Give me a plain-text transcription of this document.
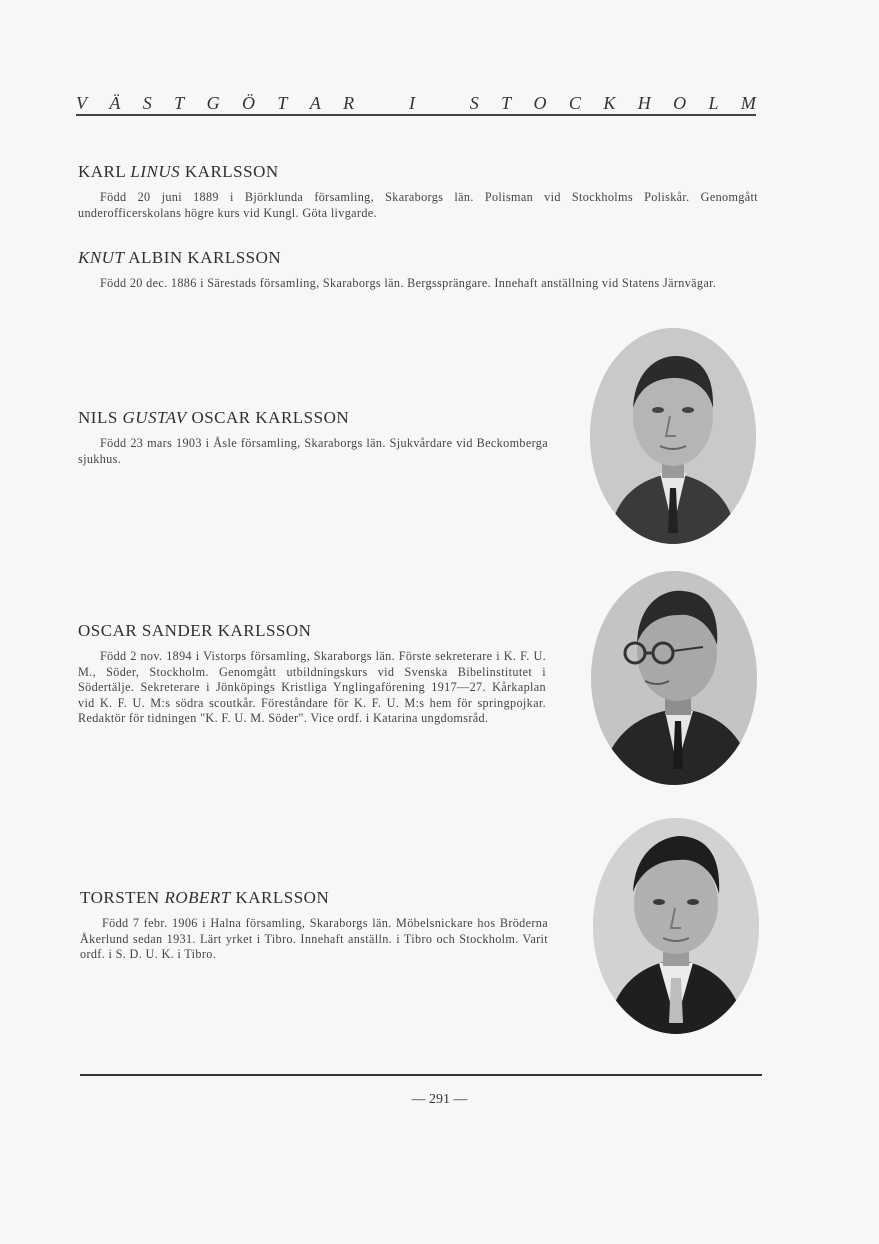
V Ä S T G Ö T A R	I	S T O C K H O L M

KARL LINUS KARLSSON

Född 20 juni 1889 i Björklunda församling, Skaraborgs län. Polisman vid Stockholms Poliskår. Genomgått underofficerskolans högre kurs vid Kungl. Göta livgarde.

KNUT ALBIN KARLSSON

Född 20 dec. 1886 i Särestads församling, Skaraborgs län. Bergssprängare. Innehaft anställning vid Statens Järnvägar.

NILS GUSTAV OSCAR KARLSSON

Född 23 mars 1903 i Åsle församling, Skaraborgs län. Sjukvårdare vid Beckomberga sjukhus.

OSCAR SANDER KARLSSON

Född 2 nov. 1894 i Vistorps församling, Skaraborgs län. Förste sekreterare i K. F. U. M., Söder, Stockholm. Genomgått utbildningskurs vid Svenska Bibelinstitutet i Södertälje. Sekreterare i Jönköpings Kristliga Ynglingaförening 1917—27. Kårkaplan vid K. F. U. M:s södra scoutkår. Föreståndare för K. F. U. M:s hem för springpojkar. Redaktör för tidningen "K. F. U. M. Söder". Vice ordf. i Katarina ungdomsråd.

TORSTEN ROBERT KARLSSON

Född 7 febr. 1906 i Halna församling, Skaraborgs län. Möbelsnickare hos Bröderna Åkerlund sedan 1931. Lärt yrket i Tibro. Innehaft anställn. i Tibro och Stockholm. Varit ordf. i S. D. U. K. i Tibro.

— 291 —
